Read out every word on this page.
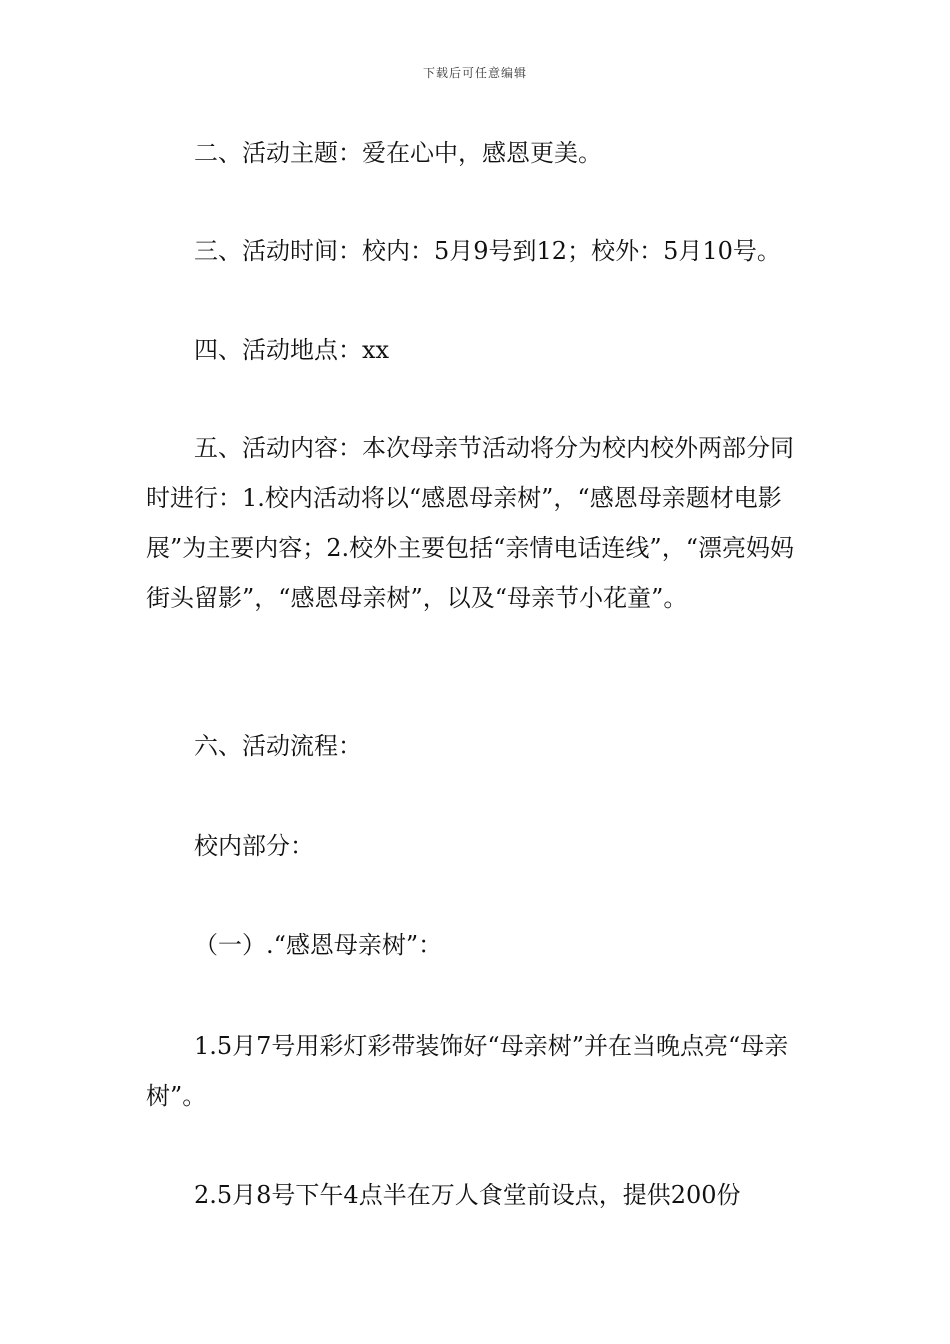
下载后可任意编辑

二、活动主题：爱在心中，感恩更美。

三、活动时间：校内：5月9号到12；校外：5月10号。

四、活动地点：xx

五、活动内容：本次母亲节活动将分为校内校外两部分同时进行：1.校内活动将以“感恩母亲树”，“感恩母亲题材电影展”为主要内容；2.校外主要包括“亲情电话连线”，“漂亮妈妈街头留影”，“感恩母亲树”，以及“母亲节小花童”。

六、活动流程：

校内部分：

（一）.“感恩母亲树”：

1.5月7号用彩灯彩带装饰好“母亲树”并在当晚点亮“母亲树”。

2.5月8号下午4点半在万人食堂前设点，提供200份
